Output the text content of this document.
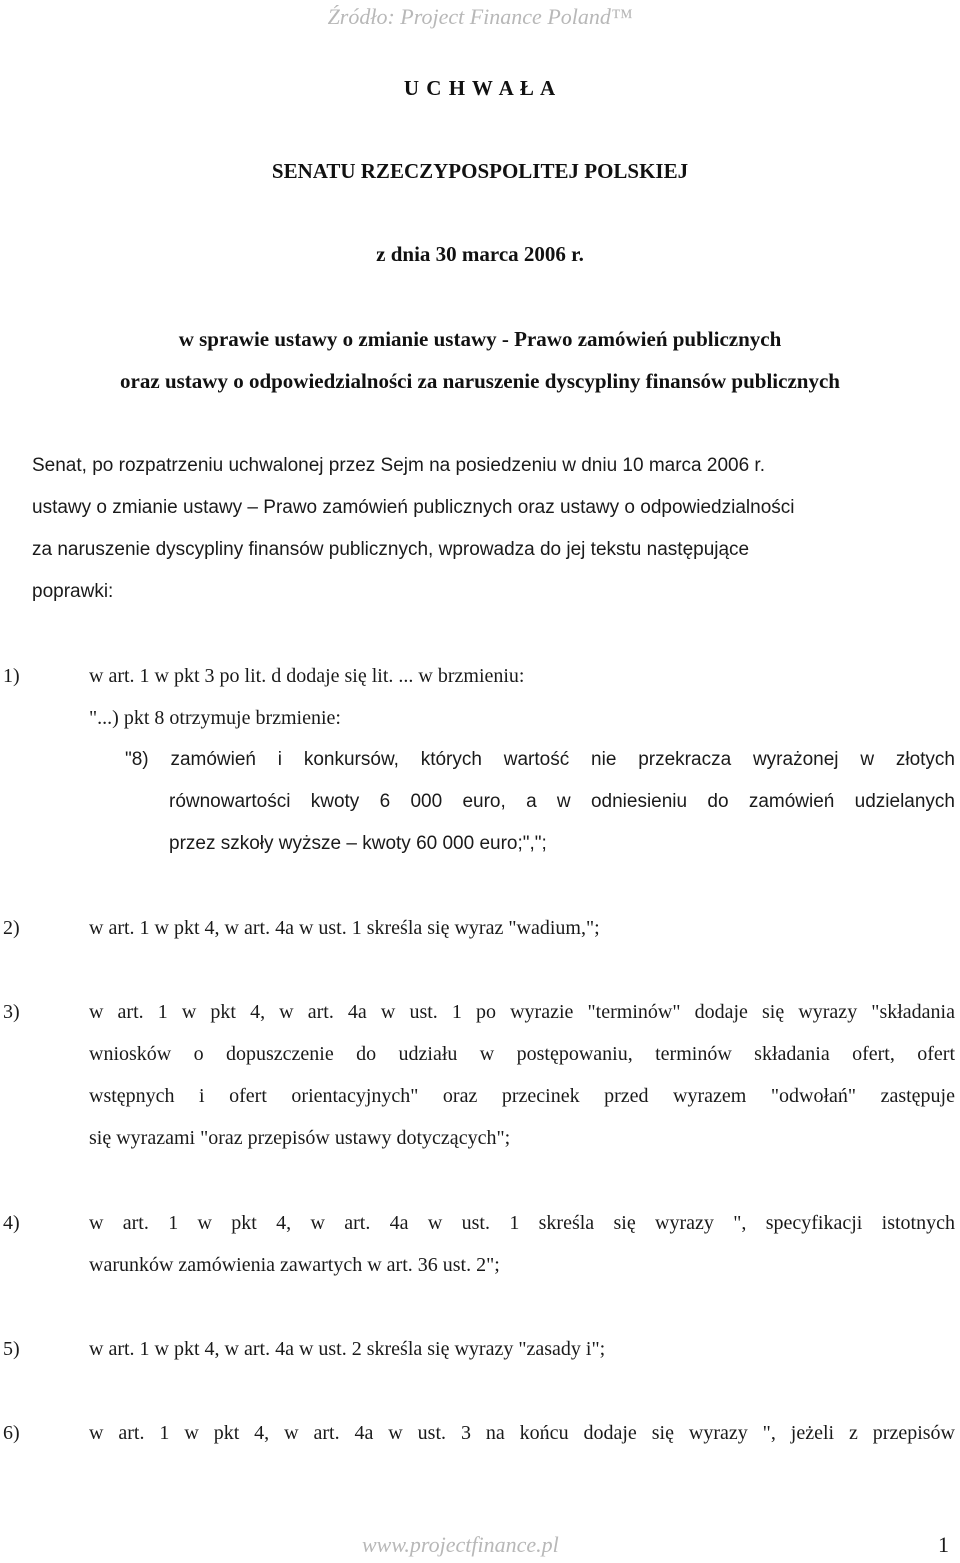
Źródło: Project Finance Poland™
U C H W A Ł A
SENATU RZECZYPOSPOLITEJ POLSKIEJ
z dnia 30 marca 2006 r.
w sprawie ustawy o zmianie ustawy - Prawo zamówień publicznych
oraz ustawy o odpowiedzialności za naruszenie dyscypliny finansów publicznych
Senat, po rozpatrzeniu uchwalonej przez Sejm na posiedzeniu w dniu 10 marca 2006 r.
ustawy o zmianie ustawy – Prawo zamówień publicznych oraz ustawy o odpowiedzialności
za naruszenie dyscypliny finansów publicznych, wprowadza do jej tekstu następujące
poprawki:
1)	w art. 1 w pkt 3 po lit. d dodaje się lit. ... w brzmieniu:
"...) pkt 8 otrzymuje brzmienie:
"8) zamówień i konkursów, których wartość nie przekracza wyrażonej w złotych
równowartości kwoty 6 000 euro, a w odniesieniu do zamówień udzielanych
przez szkoły wyższe – kwoty 60 000 euro;",";
2)	w art. 1 w pkt 4, w art. 4a w ust. 1 skreśla się wyraz "wadium,";
3)	w art. 1 w pkt 4, w art. 4a w ust. 1 po wyrazie "terminów" dodaje się wyrazy "składania
wniosków o dopuszczenie do udziału w postępowaniu, terminów składania ofert, ofert
wstępnych i ofert orientacyjnych" oraz przecinek przed wyrazem "odwołań" zastępuje
się wyrazami "oraz przepisów ustawy dotyczących";
4)	w art. 1 w pkt 4, w art. 4a w ust. 1 skreśla się wyrazy ", specyfikacji istotnych
warunków zamówienia zawartych w art. 36 ust. 2";
5)	w art. 1 w pkt 4, w art. 4a w ust. 2 skreśla się wyrazy "zasady i";
6)	w art. 1 w pkt 4, w art. 4a w ust. 3 na końcu dodaje się wyrazy ", jeżeli z przepisów
www.projectfinance.pl	1
